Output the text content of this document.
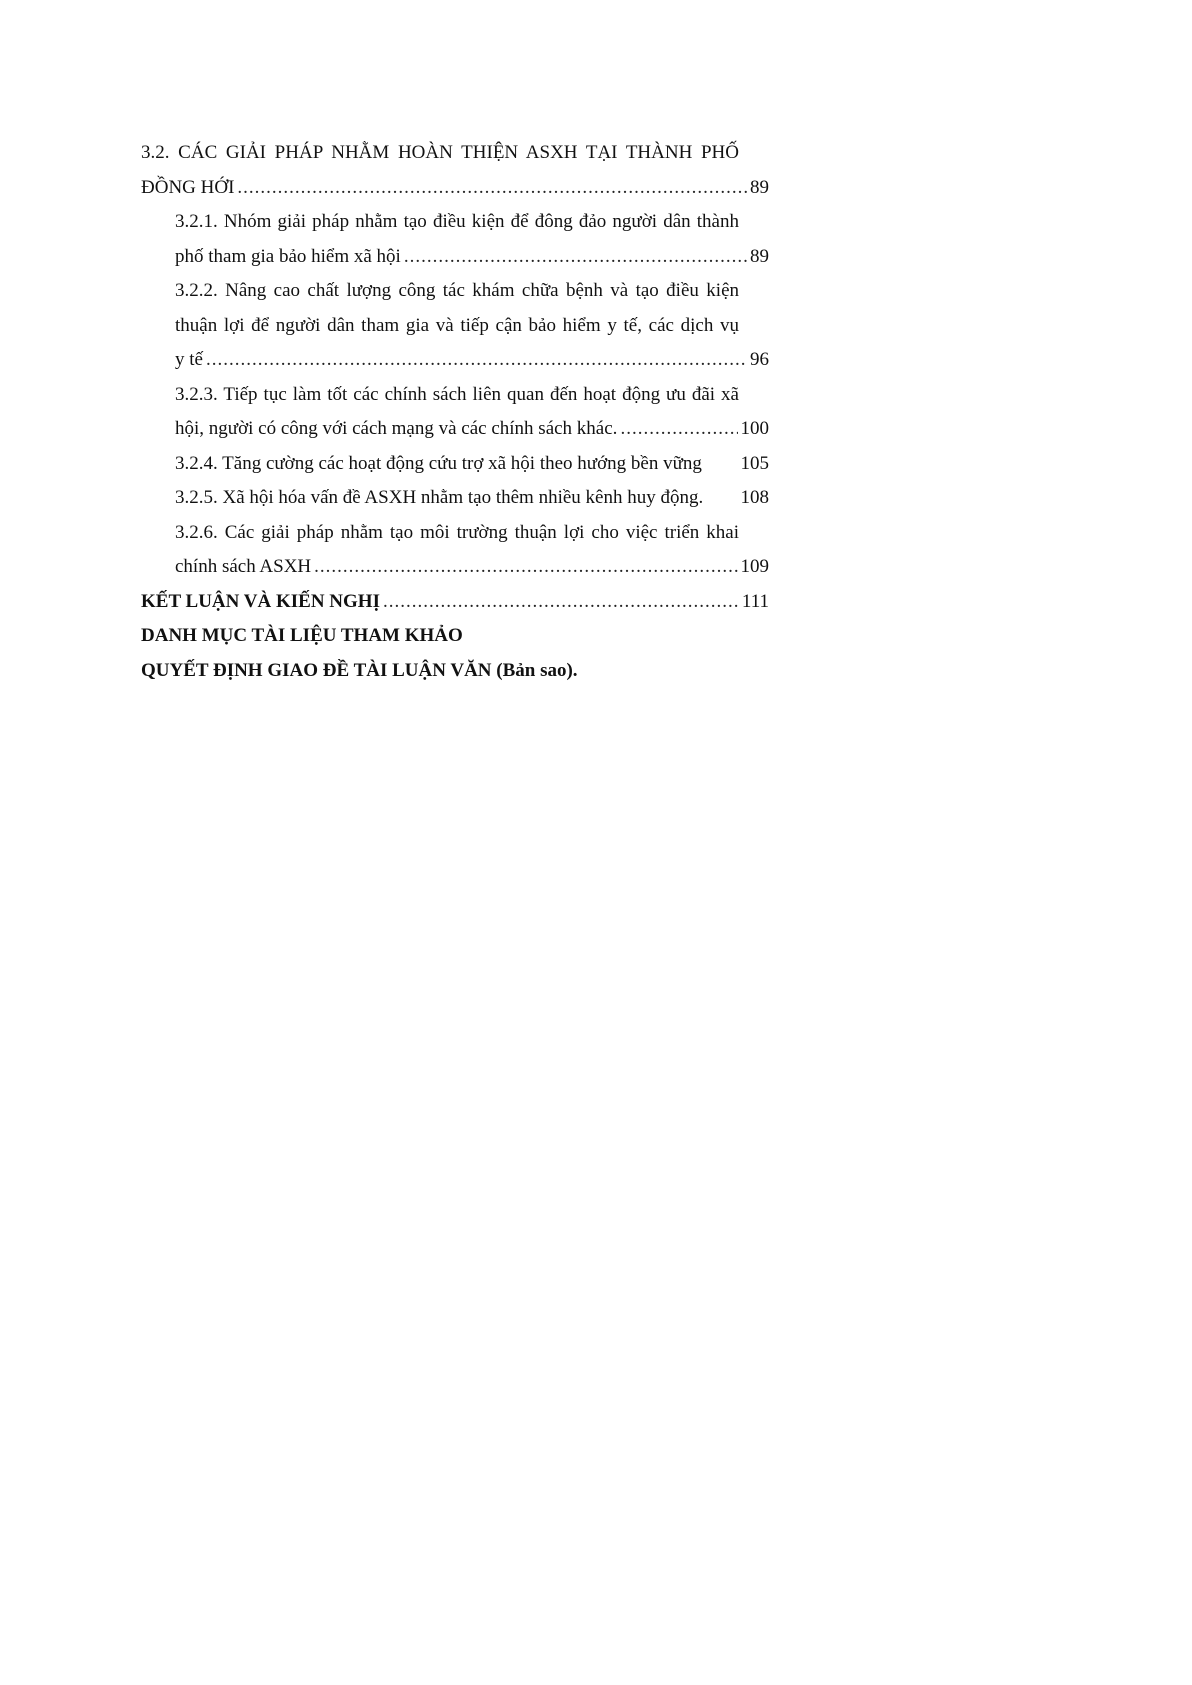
3.2. CÁC GIẢI PHÁP NHẰM HOÀN THIỆN ASXH TẠI THÀNH PHỐ
ĐỒNG HỚI .....	89
3.2.1. Nhóm giải pháp nhằm tạo điều kiện để đông đảo người dân thành
phố tham gia bảo hiểm xã hội .....	89
3.2.2. Nâng cao chất lượng công tác khám chữa bệnh và tạo điều kiện
thuận lợi để người dân tham gia và tiếp cận bảo hiểm y tế, các dịch vụ
y tế .....	96
3.2.3. Tiếp tục làm tốt các chính sách liên quan đến hoạt động ưu đãi xã
hội, người có công với cách mạng và các chính sách khác. .....	100
3.2.4. Tăng cường các hoạt động cứu trợ xã hội theo hướng bền vững 105
3.2.5. Xã hội hóa vấn đề ASXH nhằm tạo thêm nhiều kênh huy động. 108
3.2.6. Các giải pháp nhằm tạo môi trường thuận lợi cho việc triển khai
chính sách ASXH .....	109
KẾT LUẬN VÀ KIẾN NGHỊ .....	111
DANH MỤC TÀI LIỆU THAM KHẢO
QUYẾT ĐỊNH GIAO ĐỀ TÀI LUẬN VĂN (Bản sao).
